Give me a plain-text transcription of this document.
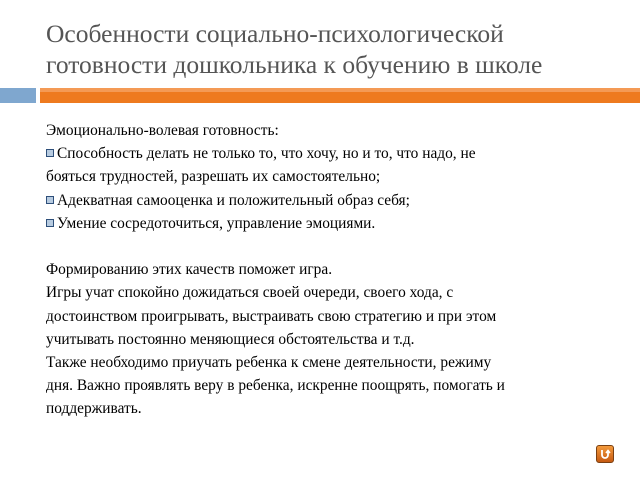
Особенности социально-психологической
готовности дошкольника к обучению в школе
Эмоционально-волевая готовность:
Способность делать не только то, что хочу, но и то, что надо, не
бояться трудностей, разрешать их самостоятельно;
Адекватная самооценка и положительный образ себя;
Умение сосредоточиться, управление эмоциями.
Формированию этих качеств поможет игра.
Игры учат спокойно дожидаться своей очереди, своего хода, с
достоинством проигрывать, выстраивать свою стратегию и при этом
учитывать постоянно меняющиеся обстоятельства и т.д.
Также необходимо приучать ребенка к смене деятельности, режиму
дня. Важно проявлять веру в ребенка, искренне поощрять, помогать и
поддерживать.
